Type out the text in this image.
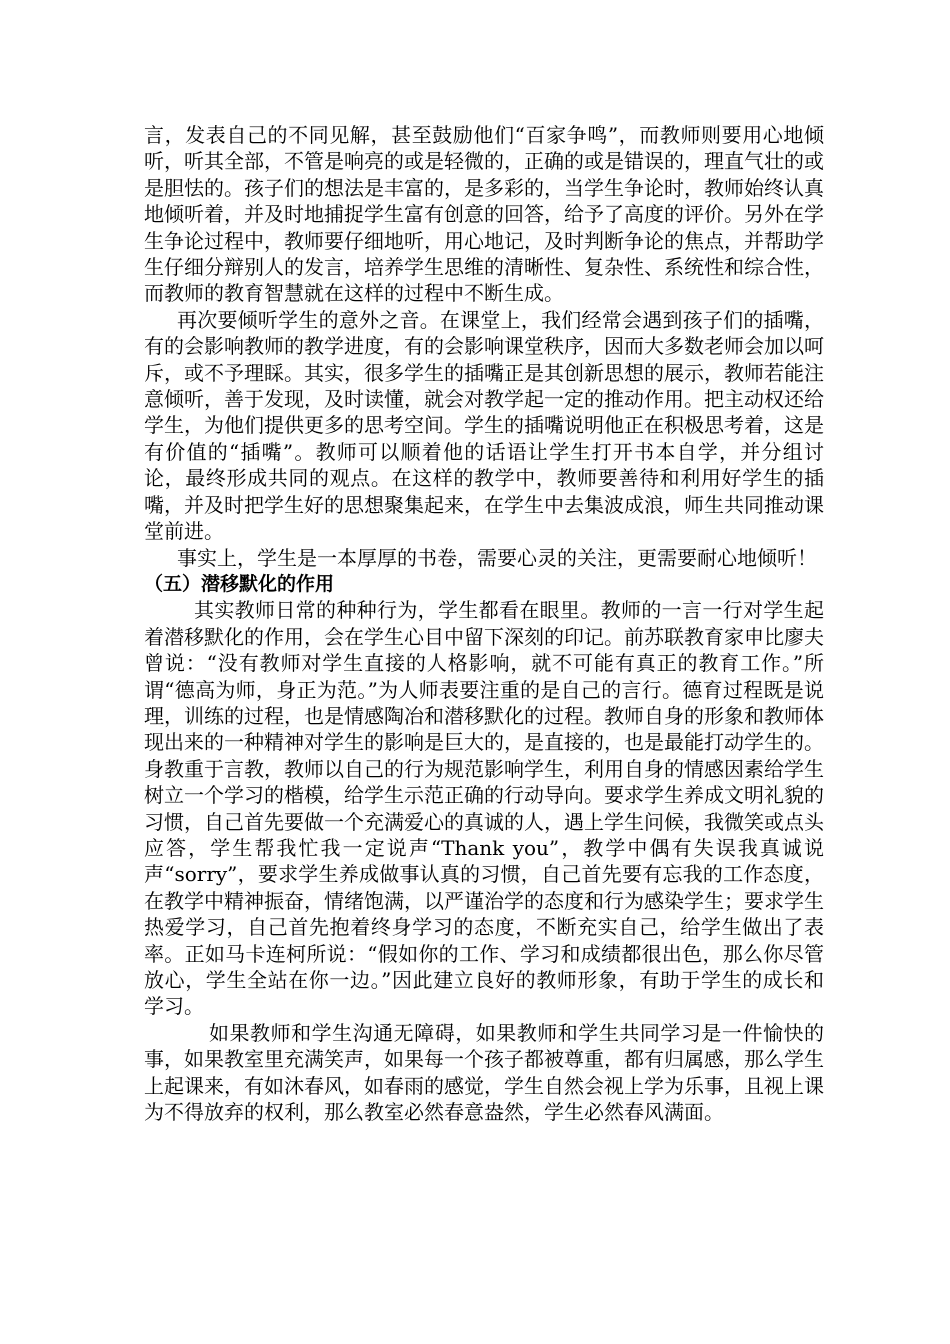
言，发表自己的不同见解，甚至鼓励他们“百家争鸣”，而教师则要用心地倾听，听其全部，不管是响亮的或是轻微的，正确的或是错误的，理直气壮的或是胆怯的。孩子们的想法是丰富的，是多彩的，当学生争论时，教师始终认真地倾听着，并及时地捕捉学生富有创意的回答，给予了高度的评价。另外在学生争论过程中，教师要仔细地听，用心地记，及时判断争论的焦点，并帮助学生仔细分辩别人的发言，培养学生思维的清晰性、复杂性、系统性和综合性，而教师的教育智慧就在这样的过程中不断生成。

再次要倾听学生的意外之音。在课堂上，我们经常会遇到孩子们的插嘴，有的会影响教师的教学进度，有的会影响课堂秩序，因而大多数老师会加以呵斥，或不予理睬。其实，很多学生的插嘴正是其创新思想的展示，教师若能注意倾听，善于发现，及时读懂，就会对教学起一定的推动作用。把主动权还给学生，为他们提供更多的思考空间。学生的插嘴说明他正在积极思考着，这是有价值的“插嘴”。教师可以顺着他的话语让学生打开书本自学，并分组讨论，最终形成共同的观点。在这样的教学中，教师要善待和利用好学生的插嘴，并及时把学生好的思想聚集起来，在学生中去集波成浪，师生共同推动课堂前进。

事实上，学生是一本厚厚的书卷，需要心灵的关注，更需要耐心地倾听！

（五）潜移默化的作用

其实教师日常的种种行为，学生都看在眼里。教师的一言一行对学生起着潜移默化的作用，会在学生心目中留下深刻的印记。前苏联教育家申比廖夫曾说：“没有教师对学生直接的人格影响，就不可能有真正的教育工作。”所谓“德高为师，身正为范。”为人师表要注重的是自己的言行。德育过程既是说理，训练的过程，也是情感陶冶和潜移默化的过程。教师自身的形象和教师体现出来的一种精神对学生的影响是巨大的，是直接的，也是最能打动学生的。身教重于言教，教师以自己的行为规范影响学生，利用自身的情感因素给学生树立一个学习的楷模，给学生示范正确的行动导向。要求学生养成文明礼貌的习惯，自己首先要做一个充满爱心的真诚的人，遇上学生问候，我微笑或点头应答，学生帮我忙我一定说声“Thank you”，教学中偶有失误我真诚说声“sorry”，要求学生养成做事认真的习惯，自己首先要有忘我的工作态度，在教学中精神振奋，情绪饱满，以严谨治学的态度和行为感染学生；要求学生热爱学习，自己首先抱着终身学习的态度，不断充实自己，给学生做出了表率。正如马卡连柯所说：“假如你的工作、学习和成绩都很出色，那么你尽管放心，学生全站在你一边。”因此建立良好的教师形象，有助于学生的成长和学习。

如果教师和学生沟通无障碍，如果教师和学生共同学习是一件愉快的事，如果教室里充满笑声，如果每一个孩子都被尊重，都有归属感，那么学生上起课来，有如沐春风，如春雨的感觉，学生自然会视上学为乐事，且视上课为不得放弃的权利，那么教室必然春意盎然，学生必然春风满面。
